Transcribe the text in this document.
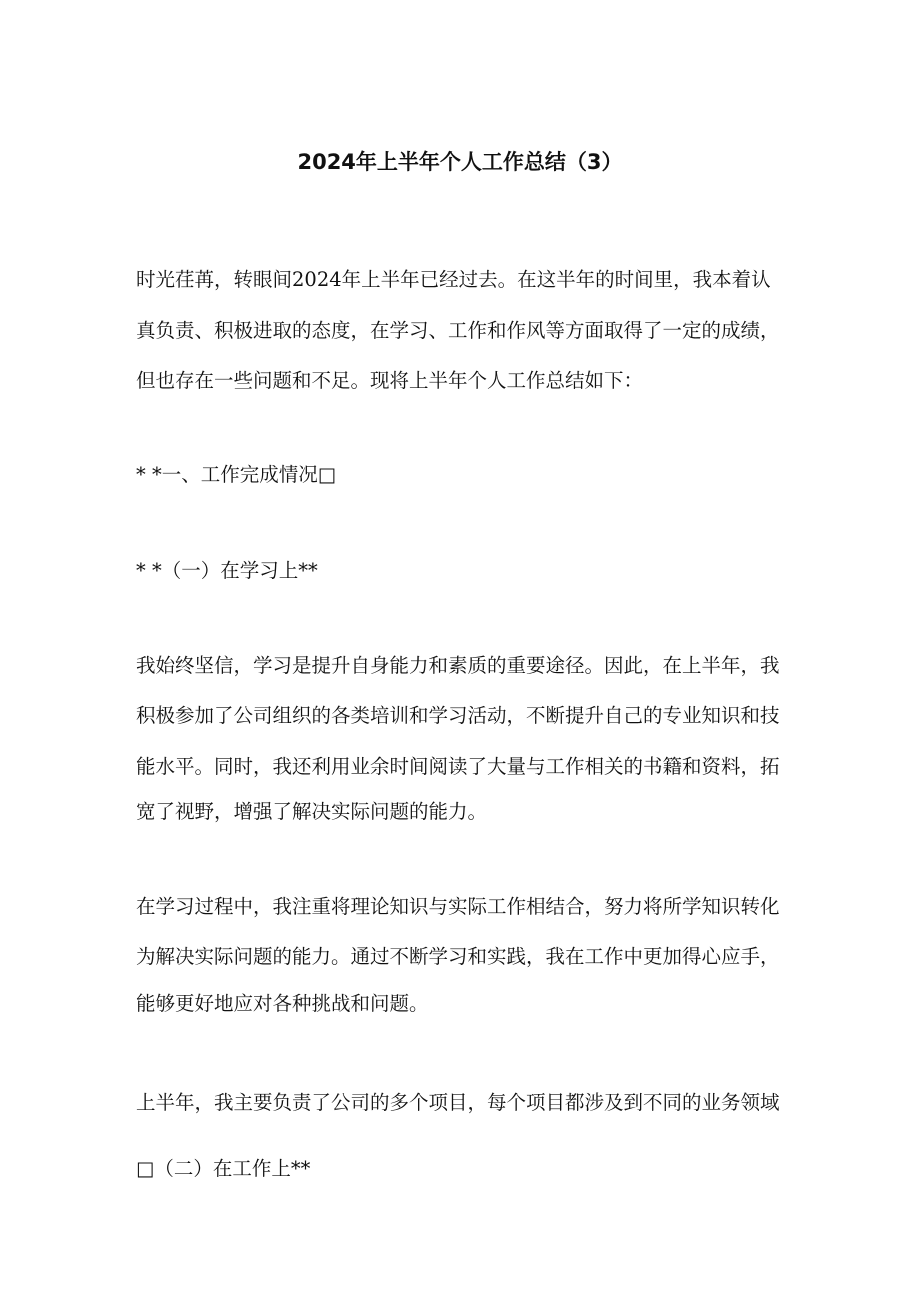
2024年上半年个人工作总结（3）
时光荏苒，转眼间2024年上半年已经过去。在这半年的时间里，我本着认
真负责、积极进取的态度，在学习、工作和作风等方面取得了一定的成绩，
但也存在一些问题和不足。现将上半年个人工作总结如下：
* *一、工作完成情况□
* *（一）在学习上**
我始终坚信，学习是提升自身能力和素质的重要途径。因此，在上半年，我
积极参加了公司组织的各类培训和学习活动，不断提升自己的专业知识和技
能水平。同时，我还利用业余时间阅读了大量与工作相关的书籍和资料，拓
宽了视野，增强了解决实际问题的能力。
在学习过程中，我注重将理论知识与实际工作相结合，努力将所学知识转化
为解决实际问题的能力。通过不断学习和实践，我在工作中更加得心应手，
能够更好地应对各种挑战和问题。
上半年，我主要负责了公司的多个项目，每个项目都涉及到不同的业务领域
□（二）在工作上**
